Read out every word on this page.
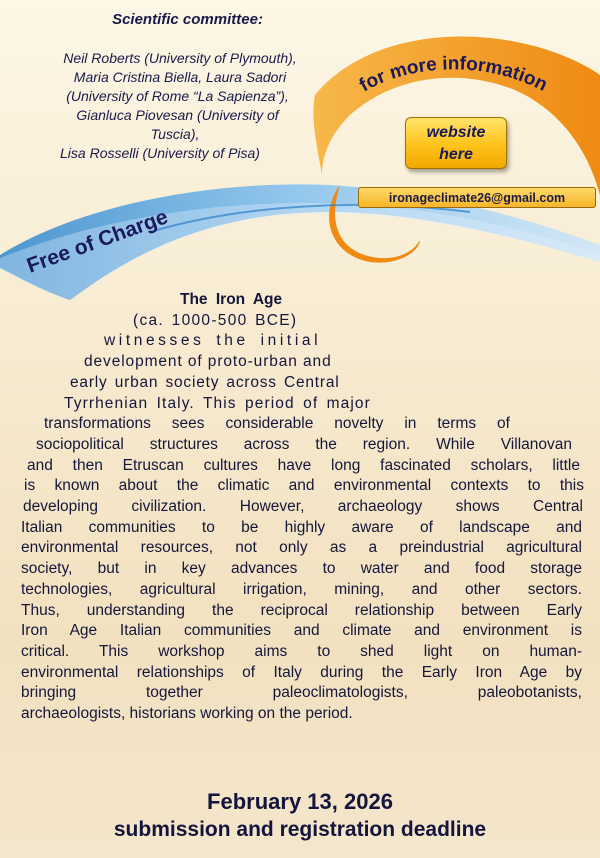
Scientific committee:
Neil Roberts (University of Plymouth),
Maria Cristina Biella, Laura Sadori
(University of Rome “La Sapienza”),
Gianluca Piovesan (University of
Tuscia),
Lisa Rosselli (University of Pisa)
for more information
website
here
ironageclimate26@gmail.com
Free of Charge
The Iron Age
(ca. 1000-500 BCE)
witnesses the initial
development of proto-urban and
early urban society across Central
Tyrrhenian Italy. This period of major
transformations sees considerable novelty in terms of
sociopolitical structures across the region. While Villanovan
and then Etruscan cultures have long fascinated scholars, little
is known about the climatic and environmental contexts to this
developing civilization. However, archaeology shows Central
Italian communities to be highly aware of landscape and
environmental resources, not only as a preindustrial agricultural
society, but in key advances to water and food storage
technologies, agricultural irrigation, mining, and other sectors.
Thus, understanding the reciprocal relationship between Early
Iron Age Italian communities and climate and environment is
critical. This workshop aims to shed light on human-
environmental relationships of Italy during the Early Iron Age by
bringing together paleoclimatologists, paleobotanists,
archaeologists, historians working on the period.
February 13, 2026
submission and registration deadline
